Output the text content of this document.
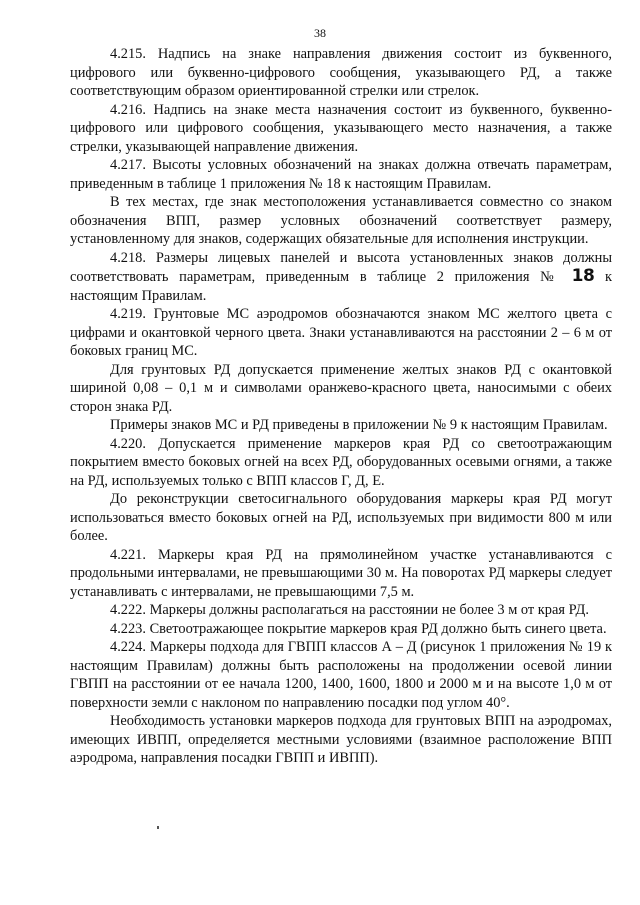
38

4.215. Надпись на знаке направления движения состоит из буквенного, цифрового или буквенно-цифрового сообщения, указывающего РД, а также соответствующим образом ориентированной стрелки или стрелок.

4.216. Надпись на знаке места назначения состоит из буквенного, буквенно-цифрового или цифрового сообщения, указывающего место назначения, а также стрелки, указывающей направление движения.

4.217. Высоты условных обозначений на знаках должна отвечать параметрам, приведенным в таблице 1 приложения № 18 к настоящим Правилам.

В тех местах, где знак местоположения устанавливается совместно со знаком обозначения ВПП, размер условных обозначений соответствует размеру, установленному для знаков, содержащих обязательные для исполнения инструкции.

4.218. Размеры лицевых панелей и высота установленных знаков должны соответствовать параметрам, приведенным в таблице 2 приложения № 18 к настоящим Правилам.

4.219. Грунтовые МС аэродромов обозначаются знаком МС желтого цвета с цифрами и окантовкой черного цвета. Знаки устанавливаются на расстоянии 2 – 6 м от боковых границ МС.

Для грунтовых РД допускается применение желтых знаков РД с окантовкой шириной 0,08 – 0,1 м и символами оранжево-красного цвета, наносимыми с обеих сторон знака РД.

Примеры знаков МС и РД приведены в приложении № 9 к настоящим Правилам.

4.220. Допускается применение маркеров края РД со светоотражающим покрытием вместо боковых огней на всех РД, оборудованных осевыми огнями, а также на РД, используемых только с ВПП классов Г, Д, Е.

До реконструкции светосигнального оборудования маркеры края РД могут использоваться вместо боковых огней на РД, используемых при видимости 800 м или более.

4.221. Маркеры края РД на прямолинейном участке устанавливаются с продольными интервалами, не превышающими 30 м. На поворотах РД маркеры следует устанавливать с интервалами, не превышающими 7,5 м.

4.222. Маркеры должны располагаться на расстоянии не более 3 м от края РД.

4.223. Светоотражающее покрытие маркеров края РД должно быть синего цвета.

4.224. Маркеры подхода для ГВПП классов А – Д (рисунок 1 приложения № 19 к настоящим Правилам) должны быть расположены на продолжении осевой линии ГВПП на расстоянии от ее начала 1200, 1400, 1600, 1800 и 2000 м и на высоте 1,0 м от поверхности земли с наклоном по направлению посадки под углом 40°.

Необходимость установки маркеров подхода для грунтовых ВПП на аэродромах, имеющих ИВПП, определяется местными условиями (взаимное расположение ВПП аэродрома, направления посадки ГВПП и ИВПП).
